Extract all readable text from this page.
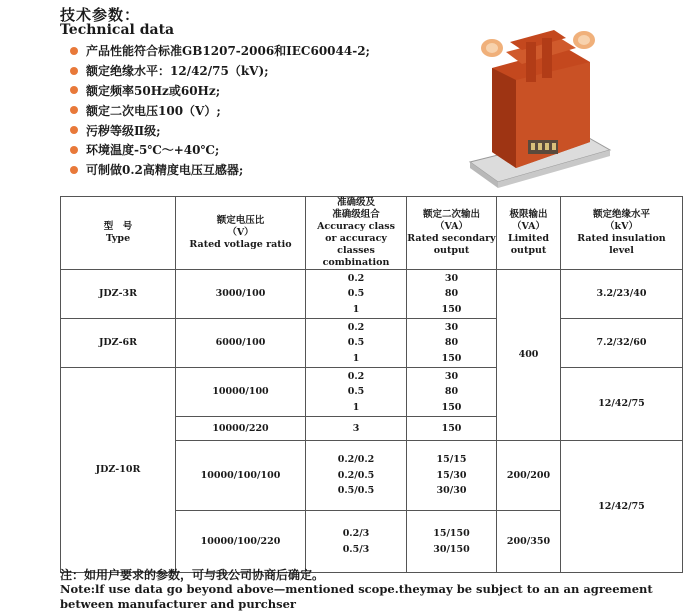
技术参数：
Technical data
产品性能符合标准GB1207-2006和IEC60044-2;
额定绝缘水平：12/42/75（kV);
额定频率50Hz或60Hz;
额定二次电压100（V）;
污秽等级Ⅱ级;
环境温度-5℃～+40℃;
可制做0.2高精度电压互感器;
型　号
Type	额定电压比
（V）
Rated votlage ratio	准确级及
准确级组合
Accuracy class
or accuracy classes
combination	额定二次输出
（VA）
Rated secondary
output	极限输出
（VA）
Limited
output	额定绝缘水平
（kV）
Rated insulation
level

JDZ-3R	3000/100	0.2
0.5
1	30
80
150	400	3.2/23/40
JDZ-6R	6000/100	0.2
0.5
1	30
80
150		7.2/32/60
JDZ-10R	10000/100	0.2
0.5
1	30
80
150		12/42/75
	10000/220	3	150		
	10000/100/100	0.2/0.2
0.2/0.5
0.5/0.5	15/15
15/30
30/30	200/200	12/42/75
	10000/100/220	0.2/3
0.5/3	15/150
30/150	200/350	
注：如用户要求的参数，可与我公司协商后确定。
Note:lf use data go beyond above—mentioned scope.theymay be subject to an an agreement between manufacturer and purchser
